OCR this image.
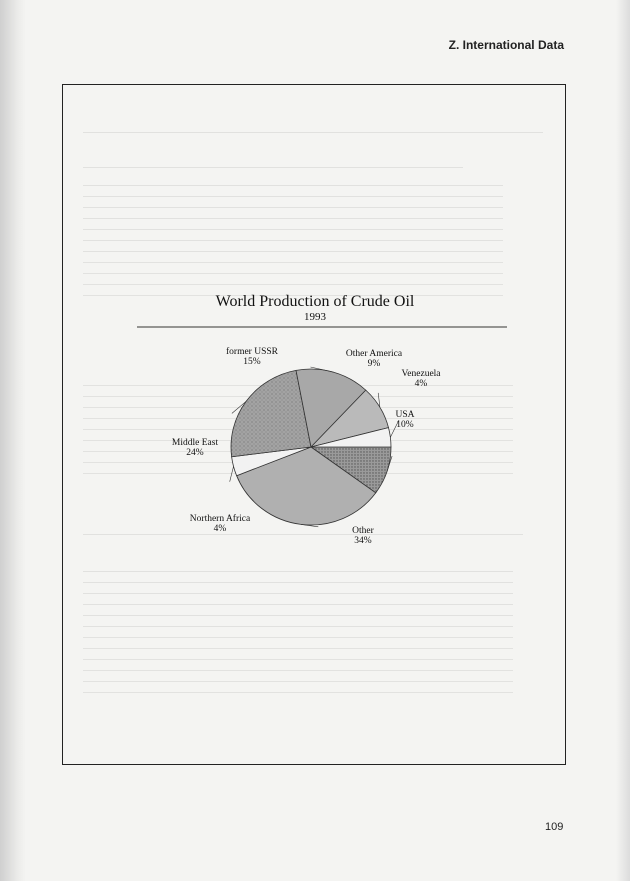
Z. International Data
World Production of Crude Oil
1993
USA
10%
Other
34%
Northern Africa
4%
Middle East
24%
former USSR
15%
Other America
9%
Venezuela
4%
109
